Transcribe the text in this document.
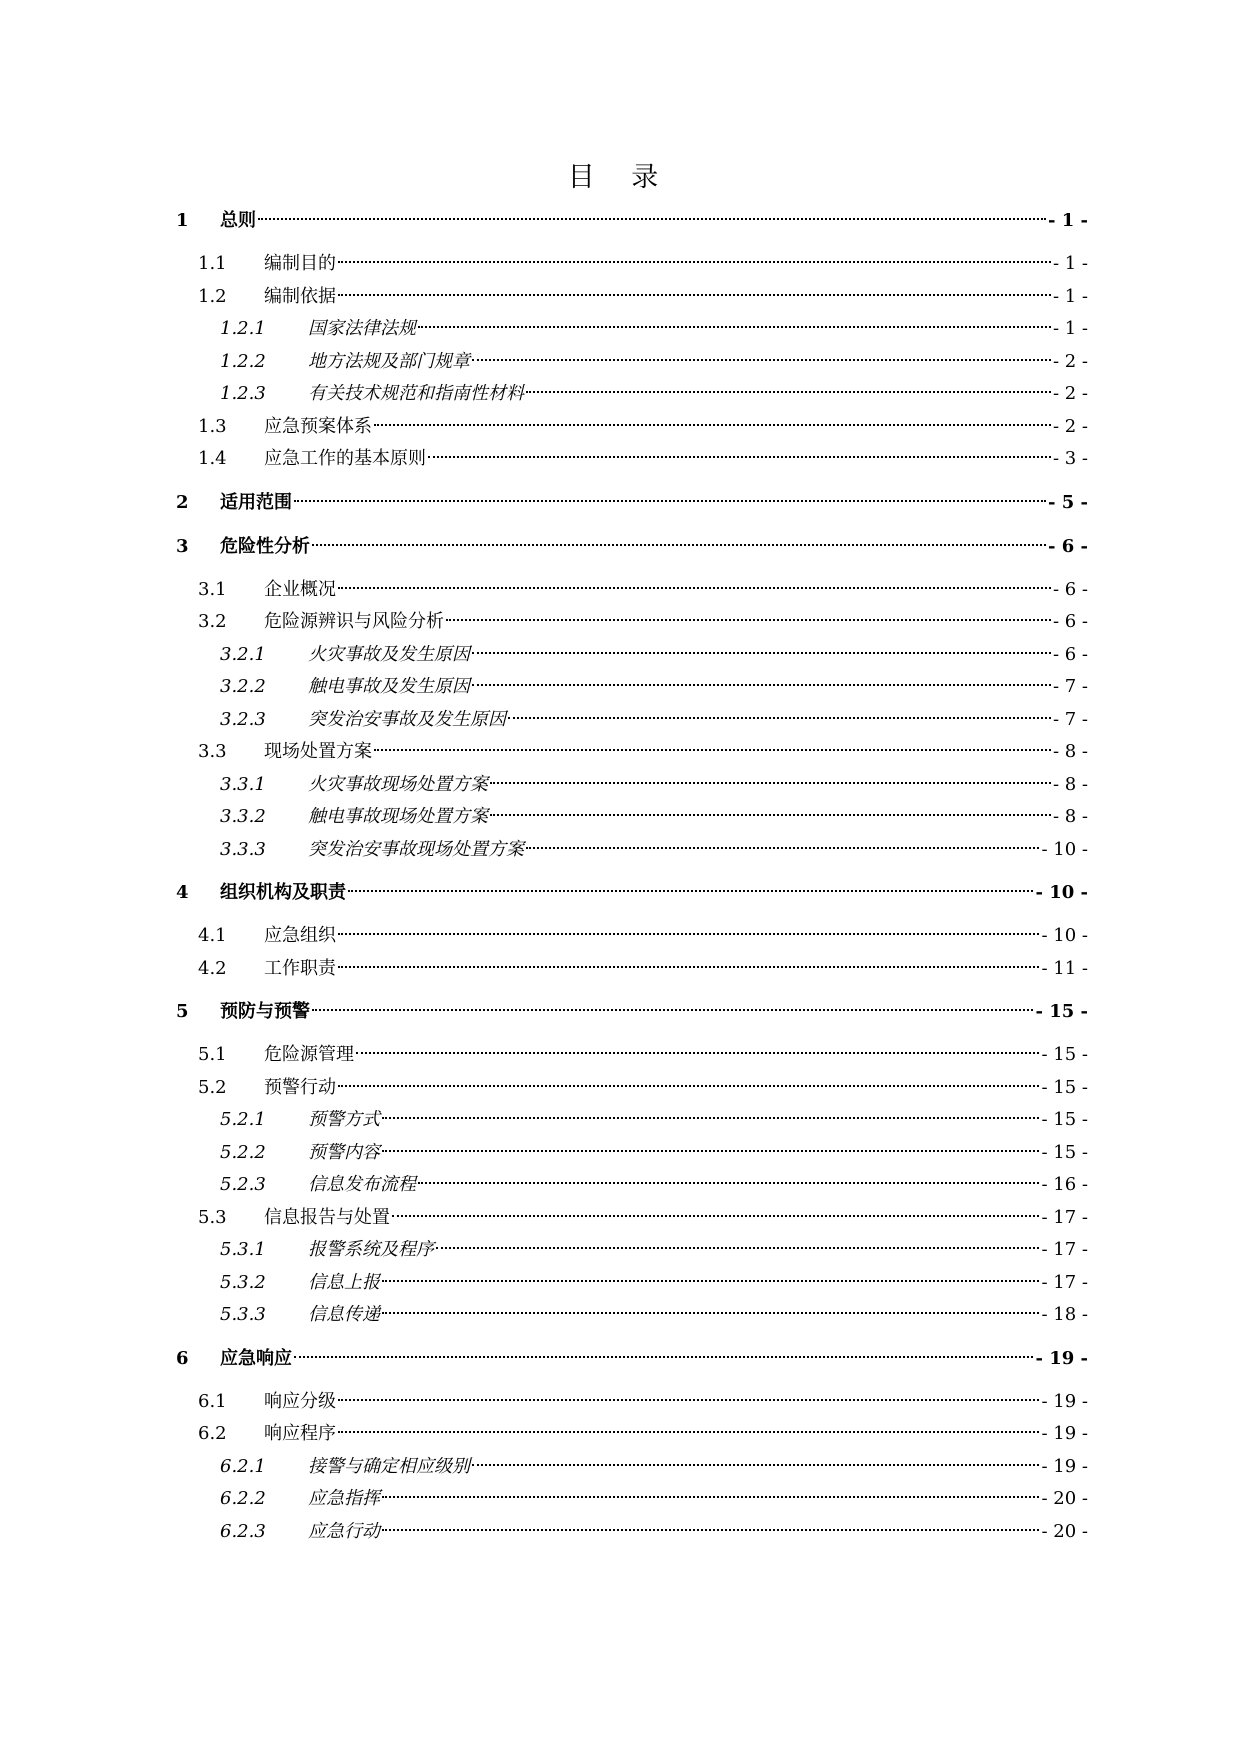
目 录
1	总则	- 1 -
1.1	编制目的	- 1 -
1.2	编制依据	- 1 -
1.2.1	国家法律法规	- 1 -
1.2.2	地方法规及部门规章	- 2 -
1.2.3	有关技术规范和指南性材料	- 2 -
1.3	应急预案体系	- 2 -
1.4	应急工作的基本原则	- 3 -
2	适用范围	- 5 -
3	危险性分析	- 6 -
3.1	企业概况	- 6 -
3.2	危险源辨识与风险分析	- 6 -
3.2.1	火灾事故及发生原因	- 6 -
3.2.2	触电事故及发生原因	- 7 -
3.2.3	突发治安事故及发生原因	- 7 -
3.3	现场处置方案	- 8 -
3.3.1	火灾事故现场处置方案	- 8 -
3.3.2	触电事故现场处置方案	- 8 -
3.3.3	突发治安事故现场处置方案	- 10 -
4	组织机构及职责	- 10 -
4.1	应急组织	- 10 -
4.2	工作职责	- 11 -
5	预防与预警	- 15 -
5.1	危险源管理	- 15 -
5.2	预警行动	- 15 -
5.2.1	预警方式	- 15 -
5.2.2	预警内容	- 15 -
5.2.3	信息发布流程	- 16 -
5.3	信息报告与处置	- 17 -
5.3.1	报警系统及程序	- 17 -
5.3.2	信息上报	- 17 -
5.3.3	信息传递	- 18 -
6	应急响应	- 19 -
6.1	响应分级	- 19 -
6.2	响应程序	- 19 -
6.2.1	接警与确定相应级别	- 19 -
6.2.2	应急指挥	- 20 -
6.2.3	应急行动	- 20 -
